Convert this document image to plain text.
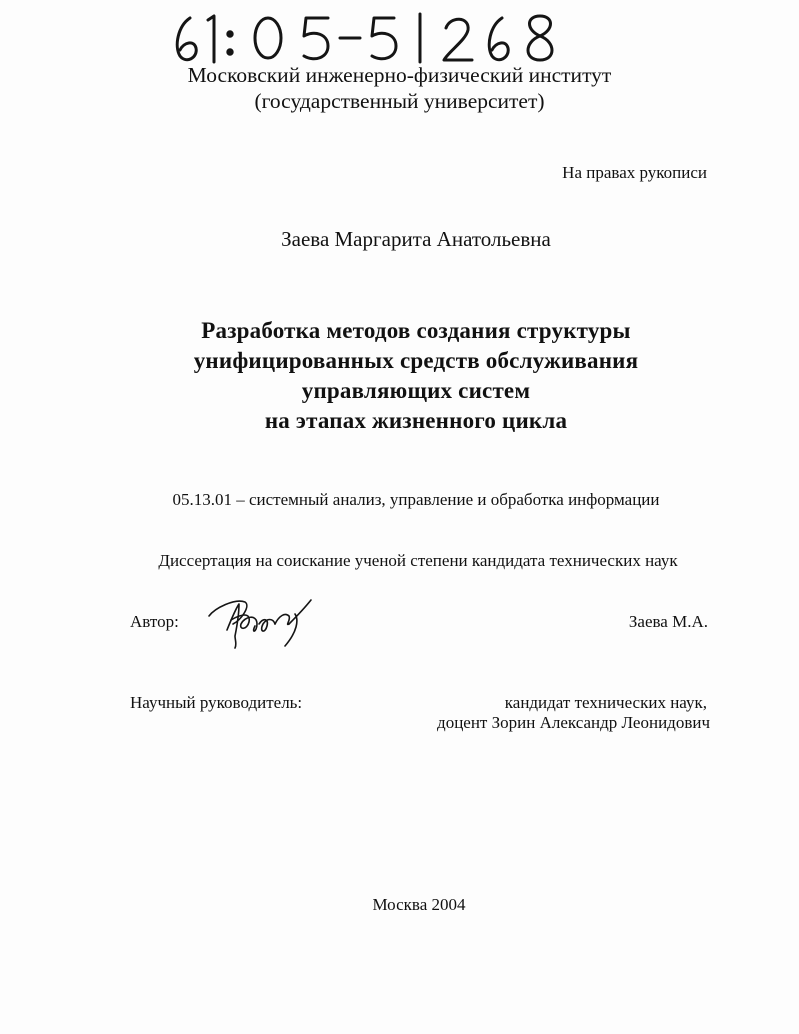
Московский инженерно-физический институт
(государственный университет)
На правах рукописи
Заева Маргарита Анатольевна
Разработка методов создания структуры
унифицированных средств обслуживания
управляющих систем
на этапах жизненного цикла
05.13.01 – системный анализ, управление и обработка информации
Диссертация на соискание ученой степени кандидата технических наук
Автор:	Заева М.А.
Научный руководитель:	кандидат технических наук,
доцент Зорин Александр Леонидович
Москва 2004
